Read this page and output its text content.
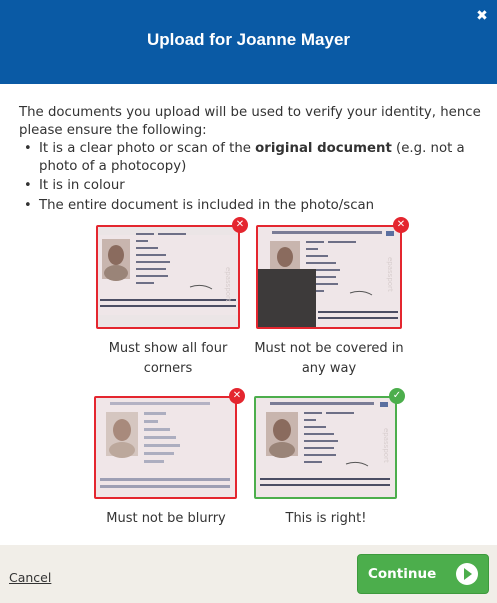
Upload for Joanne Mayer
✖
The documents you upload will be used to verify your identity, hence please ensure the following:
• It is a clear photo or scan of the original document (e.g. not a photo of a photocopy)
• It is in colour
• The entire document is included in the photo/scan
epassport
✕
Must show all four corners
epassport
✕
Must not be covered in any way
✕
Must not be blurry
epassport
✓
This is right!
Cancel	Continue
